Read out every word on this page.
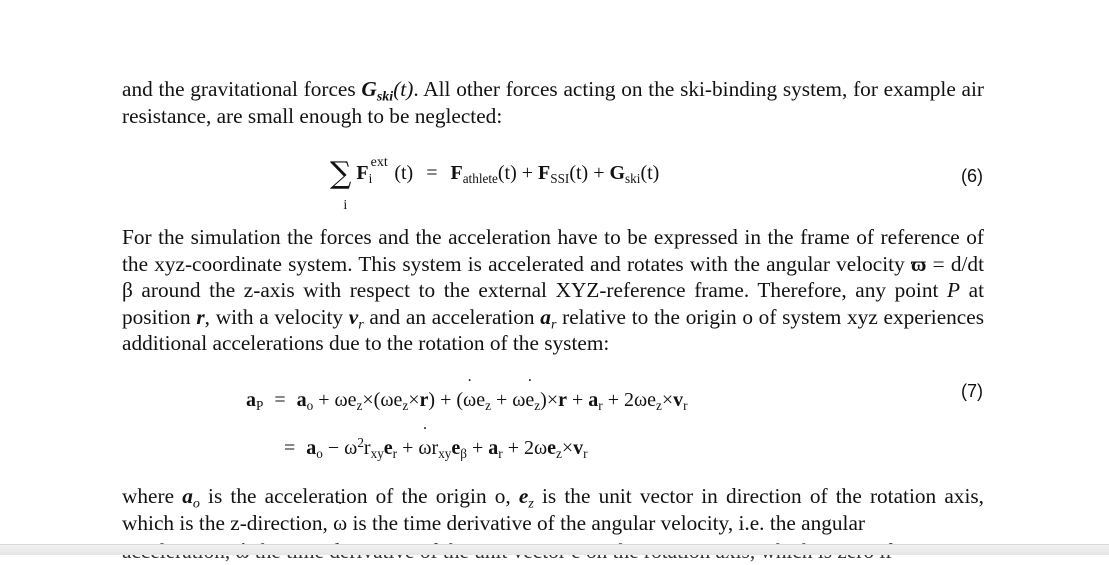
and the gravitational forces $G_{ski}(t)$. All other forces acting on the ski-binding system, for example air resistance, are small enough to be neglected:

∑
i
$F_i$
ext $(t) = F_{athlete}(t) + F_{SSI}(t) + G_{ski}(t)$	(6)

For the simulation the forces and the acceleration have to be expressed in the frame of reference of the xyz-coordinate system. This system is accelerated and rotates with the angular velocity ϖ = d/dt β around the z-axis with respect to the external XYZ-reference frame. Therefore, any point P at position r, with a velocity $v_r$ and an acceleration $a_r$ relative to the origin o of system xyz experiences additional accelerations due to the rotation of the system:

$a_P = a_o + \omega e_z\times(\omega e_z\times r) + (\omega$ $˙e_z + \omega e$ $˙_z)\times r + a_r + 2\omega e_z\times v_r$
(7)
= $a_o - \omega^2r_{xy}e_r + \omega$ $˙r_{xy}e_\beta + a_r + 2\omega e_z\times v_r$

where $a_o$ is the acceleration of the origin o, $e_z$ is the unit vector in direction of the rotation axis, which is the z-direction, ω ˙ is the time derivative of the angular velocity, i.e. the angular
